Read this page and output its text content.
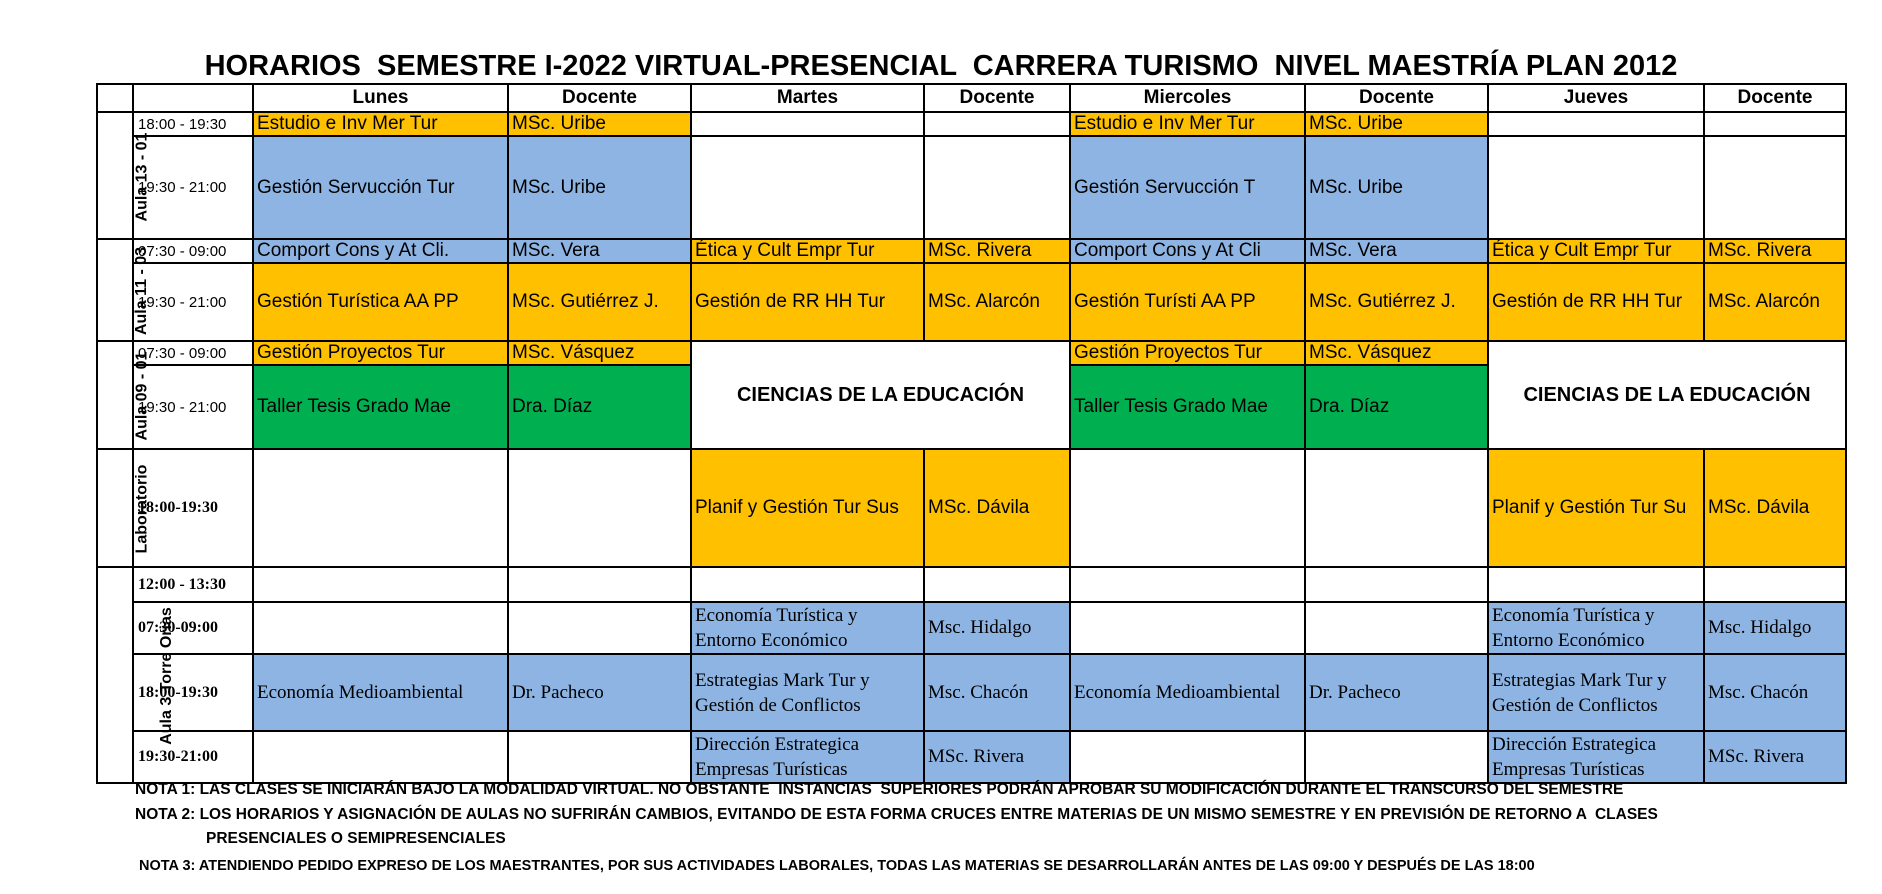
HORARIOS  SEMESTRE I-2022 VIRTUAL-PRESENCIAL  CARRERA TURISMO  NIVEL MAESTRÍA PLAN 2012
		Lunes	Docente	Martes	Docente	Miercoles	Docente	Jueves	Docente
Aula 13 - 01	18:00 - 19:30	Estudio e Inv Mer Tur	MSc. Uribe			Estudio e Inv Mer Tur	MSc. Uribe		
	19:30 - 21:00	Gestión Servucción Tur	MSc. Uribe			Gestión Servucción T	MSc. Uribe		
Aula 11 - 03	07:30 - 09:00	Comport Cons y At Cli.	MSc. Vera	Ética y Cult Empr Tur	MSc. Rivera	Comport Cons y At Cli	MSc. Vera	Ética y Cult Empr Tur	MSc. Rivera
	19:30 - 21:00	Gestión Turística AA PP	MSc. Gutiérrez J.	Gestión de RR HH Tur	MSc. Alarcón	Gestión Turísti AA PP	MSc. Gutiérrez J.	Gestión de RR HH Tur	MSc. Alarcón
Aula 09 - 01	07:30 - 09:00	Gestión Proyectos Tur	MSc. Vásquez	CIENCIAS DE LA EDUCACIÓN		Gestión Proyectos Tur	MSc. Vásquez	CIENCIAS DE LA EDUCACIÓN	
	19:30 - 21:00	Taller Tesis Grado Mae	Dra. Díaz			Taller Tesis Grado Mae	Dra. Díaz		
Laboratorio	18:00-19:30			Planif y Gestión Tur Sus	MSc. Dávila			Planif y Gestión Tur Su	MSc. Dávila
Aula 3 Torre Orias	12:00 - 13:30								
	07:30-09:00			Economía Turística y Entorno Económico	Msc. Hidalgo			Economía Turística y Entorno Económico	Msc. Hidalgo
	18:00-19:30	Economía Medioambiental	Dr. Pacheco	Estrategias Mark Tur y Gestión de Conflictos	Msc. Chacón	Economía Medioambiental	Dr. Pacheco	Estrategias Mark Tur y Gestión de Conflictos	Msc. Chacón
	19:30-21:00			Dirección Estrategica Empresas Turísticas	MSc. Rivera			Dirección Estrategica Empresas Turísticas	MSc. Rivera
NOTA 1: LAS CLASES SE INICIARÁN BAJO LA MODALIDAD VIRTUAL. NO OBSTANTE  INSTANCIAS  SUPERIORES PODRÁN APROBAR SU MODIFICACIÓN DURANTE EL TRANSCURSO DEL SEMESTRE
NOTA 2: LOS HORARIOS Y ASIGNACIÓN DE AULAS NO SUFRIRÁN CAMBIOS, EVITANDO DE ESTA FORMA CRUCES ENTRE MATERIAS DE UN MISMO SEMESTRE Y EN PREVISIÓN DE RETORNO A  CLASES
PRESENCIALES O SEMIPRESENCIALES
NOTA 3: ATENDIENDO PEDIDO EXPRESO DE LOS MAESTRANTES, POR SUS ACTIVIDADES LABORALES, TODAS LAS MATERIAS SE DESARROLLARÁN ANTES DE LAS 09:00 Y DESPUÉS DE LAS 18:00
